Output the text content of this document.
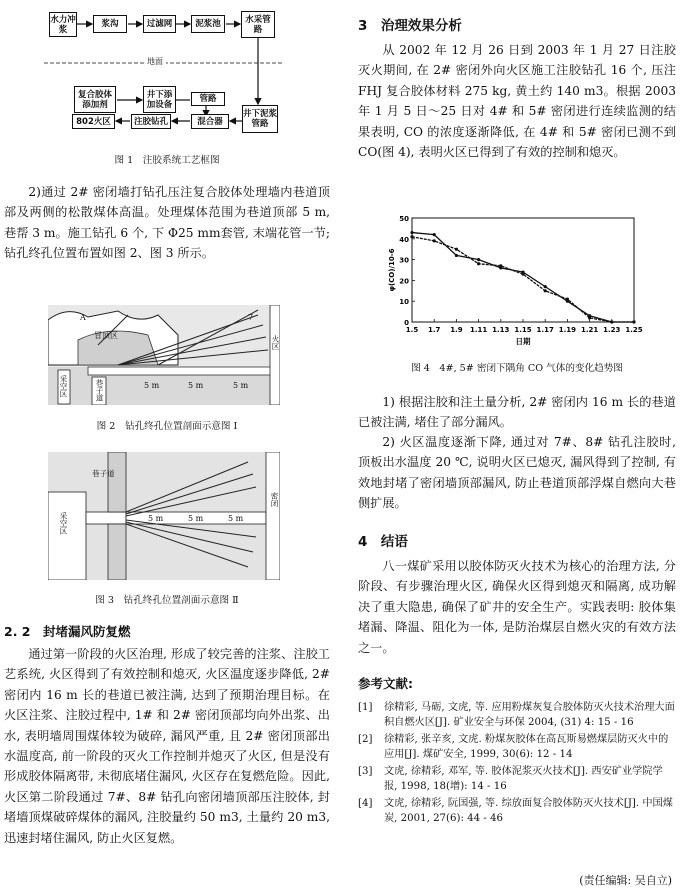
水力冲浆
浆沟	过滤网	泥浆池	水采管路
地面
复合胶体添加剂
井下添加设备
管路
井下泥浆管路
混合器
注胶钻孔
802火区
图 1　注胶系统工艺框图

2)通过 2# 密闭墙打钻孔压注复合胶体处理墙内巷道顶部及两侧的松散煤体高温。处理煤体范围为巷道顶部 5 m, 巷帮 3 m。施工钻孔 6 个, 下 Φ25 mm套管, 末端花管一节; 钻孔终孔位置布置如图 2、图 3 所示。

冒顶区
A	7
采空区	巷子道	5 m	5 m	5 m
火区
图 2　钻孔终孔位置剖面示意图 Ⅰ
巷子道
采空区
密闭
5 m	5 m	5 m
图 3　钻孔终孔位置剖面示意图 Ⅱ
2. 2　封堵漏风防复燃

通过第一阶段的火区治理, 形成了较完善的注浆、注胶工艺系统, 火区得到了有效控制和熄灭, 火区温度逐步降低, 2# 密闭内 16 m 长的巷道已被注满, 达到了预期治理目标。在火区注浆、注胶过程中, 1# 和 2# 密闭顶部均向外出浆、出水, 表明墙周围煤体较为破碎, 漏风严重, 且 2# 密闭顶部出水温度高, 前一阶段的灭火工作控制并熄灭了火区, 但是没有形成胶体隔离带, 未彻底堵住漏风, 火区存在复燃危险。因此, 火区第二阶段通过 7#、8# 钻孔向密闭墙顶部压注胶体, 封堵墙顶煤破碎煤体的漏风, 注胶量约 50 m3, 土量约 20 m3, 迅速封堵住漏风, 防止火区复燃。

3　治理效果分析

从 2002 年 12 月 26 日到 2003 年 1 月 27 日注胶灭火期间, 在 2# 密闭外向火区施工注胶钻孔 16 个, 压注 FHJ 复合胶体材料 275 kg, 黄土约 140 m3。根据 2003 年 1 月 5 日～25 日对 4# 和 5# 密闭进行连续监测的结果表明, CO 的浓度逐渐降低, 在 4# 和 5# 密闭已测不到 CO(图 4), 表明火区已得到了有效的控制和熄灭。

0
10
20
30
40
50
1.5 1.7 1.9 1.11 1.13 1.15 1.17 1.19 1.21 1.23 1.25
日期
φ(CO)/10-6
图 4　4#, 5# 密闭下隅角 CO 气体的变化趋势图

1) 根据注胶和注土量分析, 2# 密闭内 16 m 长的巷道已被注满, 堵住了部分漏风。

2) 火区温度逐渐下降, 通过对 7#、8# 钻孔注胶时, 顶板出水温度 20 ℃, 说明火区已熄灭, 漏风得到了控制, 有效地封堵了密闭墙顶部漏风, 防止巷道顶部浮煤自燃向大巷侧扩展。

4　结语

八一煤矿采用以胶体防灭火技术为核心的治理方法, 分阶段、有步骤治理火区, 确保火区得到熄灭和隔离, 成功解决了重大隐患, 确保了矿井的安全生产。实践表明: 胶体集堵漏、降温、阻化为一体, 是防治煤层自燃火灾的有效方法之一。

参考文献:
[1]	徐精彩, 马砺, 文虎, 等. 应用粉煤灰复合胶体防灭火技术治理大面积自燃火区[J]. 矿业安全与环保 2004, (31) 4: 15 - 16
[2]	徐精彩, 张辛亥, 文虎. 粉煤灰胶体在高瓦斯易燃煤层防灭火中的应用[J]. 煤矿安全, 1999, 30(6): 12 - 14
[3]	文虎, 徐精彩, 邓军, 等. 胶体泥浆灭火技术[J]. 西安矿业学院学报, 1998, 18(增): 14 - 16
[4]	文虎, 徐精彩, 阮国强, 等. 综放面复合胶体防灭火技术[J]. 中国煤炭, 2001, 27(6): 44 - 46
(责任编辑: 吴自立)
